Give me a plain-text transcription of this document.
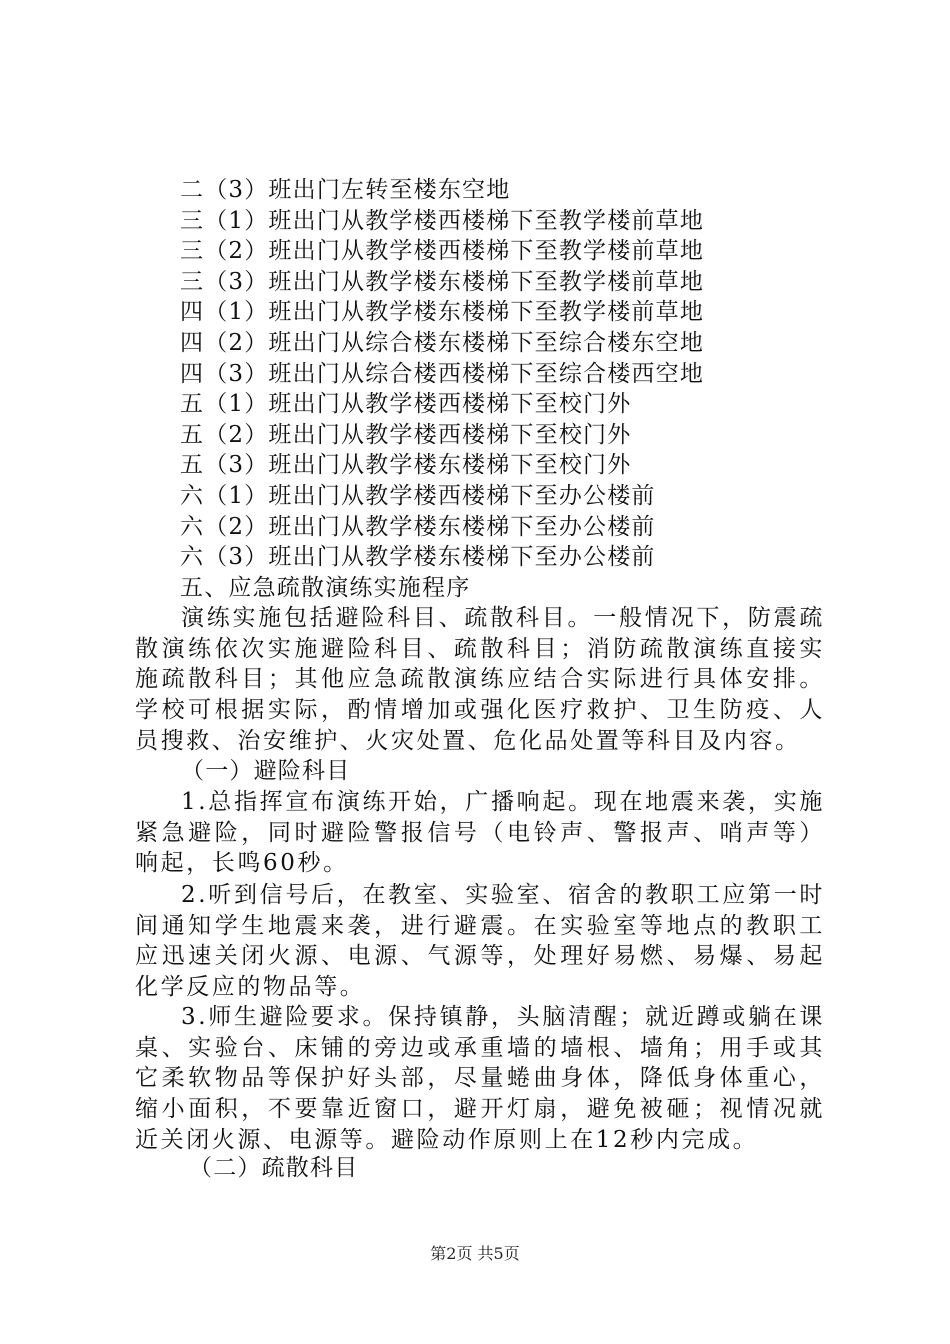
二（3）班出门左转至楼东空地
三（1）班出门从教学楼西楼梯下至教学楼前草地
三（2）班出门从教学楼西楼梯下至教学楼前草地
三（3）班出门从教学楼东楼梯下至教学楼前草地
四（1）班出门从教学楼东楼梯下至教学楼前草地
四（2）班出门从综合楼东楼梯下至综合楼东空地
四（3）班出门从综合楼西楼梯下至综合楼西空地
五（1）班出门从教学楼西楼梯下至校门外
五（2）班出门从教学楼西楼梯下至校门外
五（3）班出门从教学楼东楼梯下至校门外
六（1）班出门从教学楼西楼梯下至办公楼前
六（2）班出门从教学楼东楼梯下至办公楼前
六（3）班出门从教学楼东楼梯下至办公楼前
五、应急疏散演练实施程序

演练实施包括避险科目、疏散科目。一般情况下，防震疏散演练依次实施避险科目、疏散科目；消防疏散演练直接实施疏散科目；其他应急疏散演练应结合实际进行具体安排。学校可根据实际，酌情增加或强化医疗救护、卫生防疫、人员搜救、治安维护、火灾处置、危化品处置等科目及内容。

（一）避险科目

1.总指挥宣布演练开始，广播响起。现在地震来袭，实施紧急避险，同时避险警报信号（电铃声、警报声、哨声等）响起，长鸣60秒。

2.听到信号后，在教室、实验室、宿舍的教职工应第一时间通知学生地震来袭，进行避震。在实验室等地点的教职工应迅速关闭火源、电源、气源等，处理好易燃、易爆、易起化学反应的物品等。

3.师生避险要求。保持镇静，头脑清醒；就近蹲或躺在课桌、实验台、床铺的旁边或承重墙的墙根、墙角；用手或其它柔软物品等保护好头部，尽量蜷曲身体，降低身体重心，缩小面积，不要靠近窗口，避开灯扇，避免被砸；视情况就近关闭火源、电源等。避险动作原则上在12秒内完成。

（二）疏散科目
第2页 共5页
